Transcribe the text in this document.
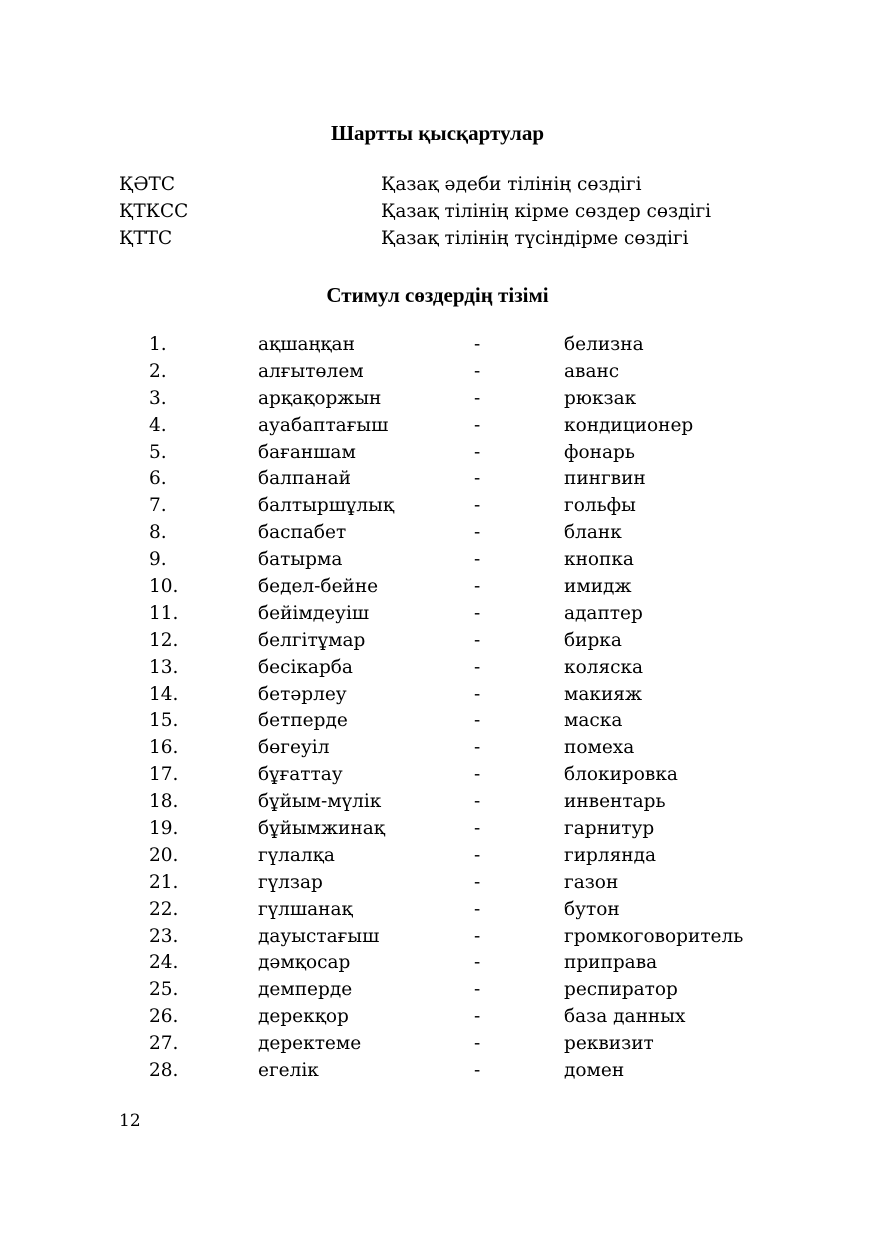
Шартты қысқартулар
ҚӘТС	Қазақ әдеби тілінің сөздігі
ҚТКСС	Қазақ тілінің кірме сөздер сөздігі
ҚТТС	Қазақ тілінің түсіндірме сөздігі
Стимул сөздердің тізімі
1.	ақшаңқан	-	белизна
2.	алғытөлем	-	аванс
3.	арқақоржын	-	рюкзак
4.	ауабаптағыш	-	кондиционер
5.	бағаншам	-	фонарь
6.	балпанай	-	пингвин
7.	балтыршұлық	-	гольфы
8.	баспабет	-	бланк
9.	батырма	-	кнопка
10.	бедел-бейне	-	имидж
11.	бейімдеуіш	-	адаптер
12.	белгітұмар	-	бирка
13.	бесікарба	-	коляска
14.	бетәрлеу	-	макияж
15.	бетперде	-	маска
16.	бөгеуіл	-	помеха
17.	бұғаттау	-	блокировка
18.	бұйым-мүлік	-	инвентарь
19.	бұйымжинақ	-	гарнитур
20.	гүлалқа	-	гирлянда
21.	гүлзар	-	газон
22.	гүлшанақ	-	бутон
23.	дауыстағыш	-	громкоговоритель
24.	дәмқосар	-	приправа
25.	демперде	-	респиратор
26.	дерекқор	-	база данных
27.	деректеме	-	реквизит
28.	егелік	-	домен
12
